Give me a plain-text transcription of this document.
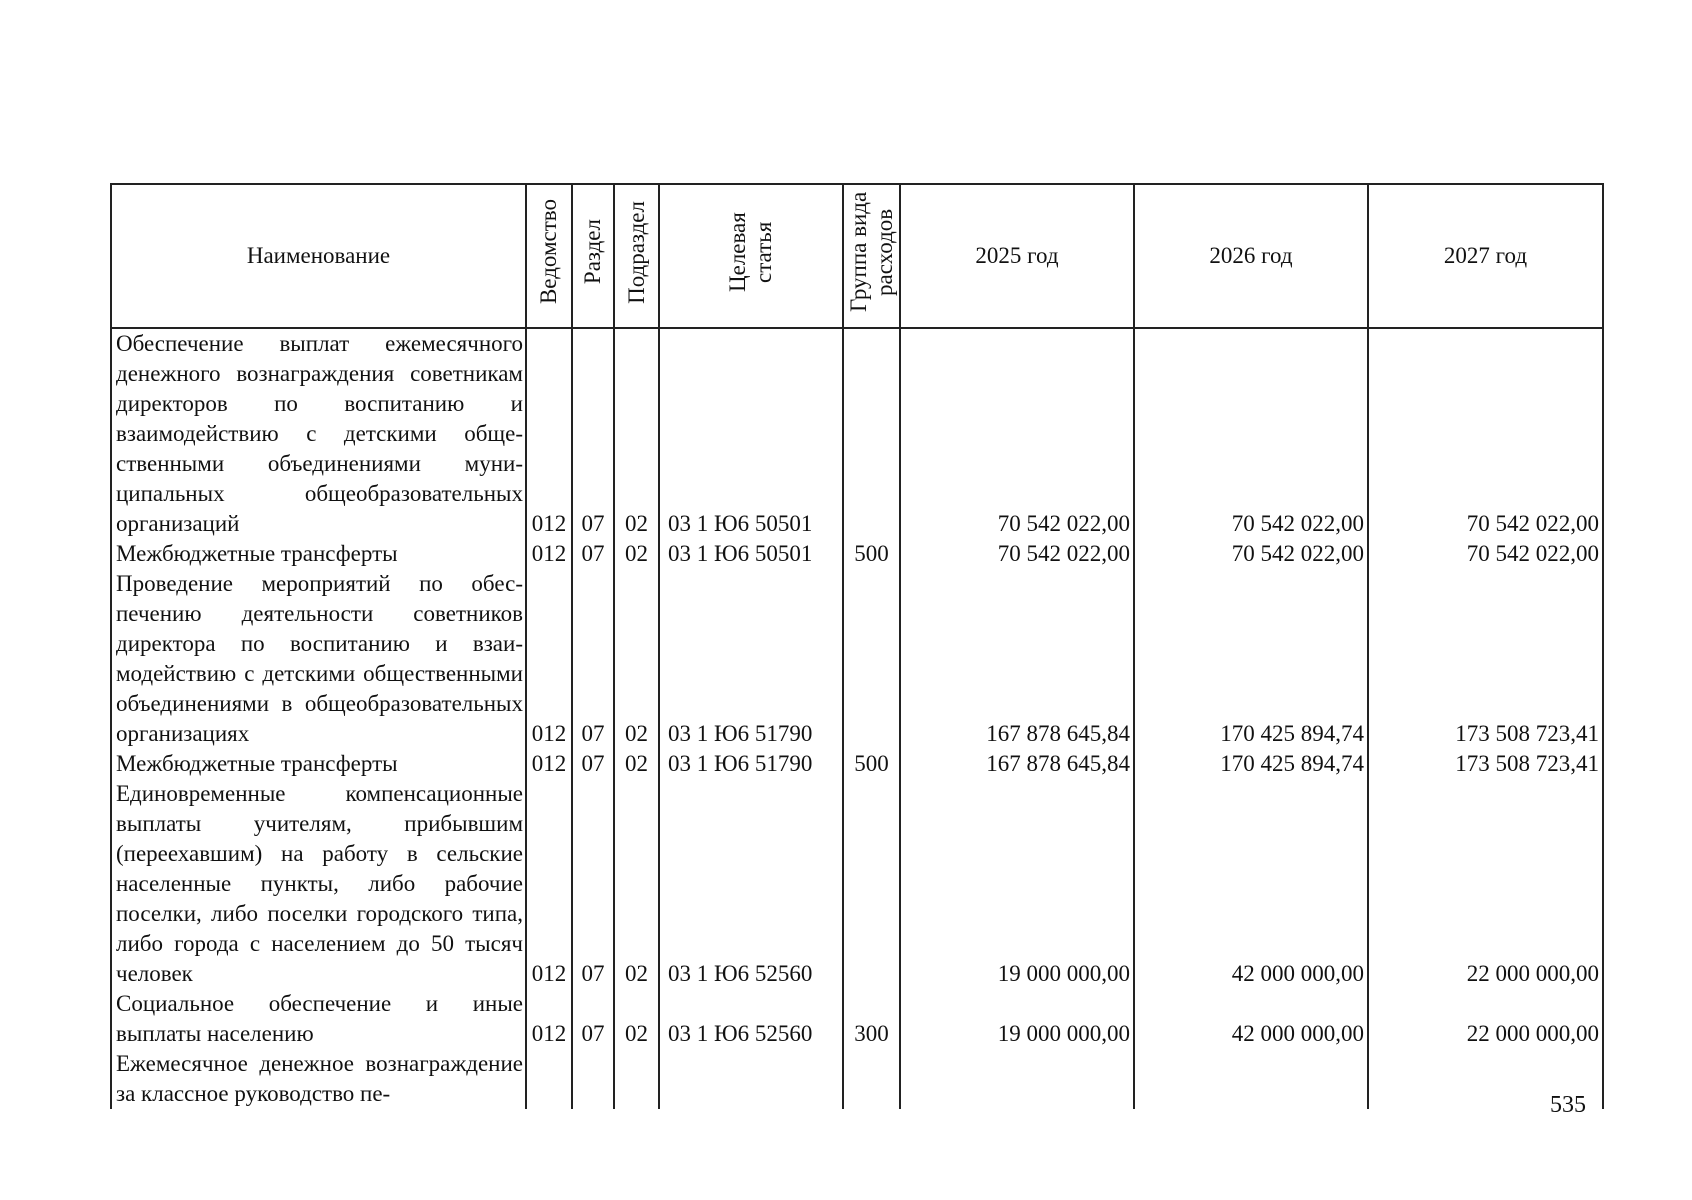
Наименование	Ведомство	Раздел	Подраздел	Целевая статья	Группа вида расходов	2025 год	2026 год	2027 год
Обеспечение выплат ежемесячного денежного вознаграждения советникам директоров по воспитанию и взаимодействию с детскими общественными объединениями муниципальных общеобразовательных организаций	012	07	02	03 1 Ю6 50501		70 542 022,00	70 542 022,00	70 542 022,00
Межбюджетные трансферты	012	07	02	03 1 Ю6 50501	500	70 542 022,00	70 542 022,00	70 542 022,00
Проведение мероприятий по обеспечению деятельности советников директора по воспитанию и взаимодействию с детскими общественными объединениями в общеобразовательных организациях	012	07	02	03 1 Ю6 51790		167 878 645,84	170 425 894,74	173 508 723,41
Межбюджетные трансферты	012	07	02	03 1 Ю6 51790	500	167 878 645,84	170 425 894,74	173 508 723,41
Единовременные компенсационные выплаты учителям, прибывшим (переехавшим) на работу в сельские населенные пункты, либо рабочие поселки, либо поселки городского типа, либо города с населением до 50 тысяч человек	012	07	02	03 1 Ю6 52560		19 000 000,00	42 000 000,00	22 000 000,00
Социальное обеспечение и иные выплаты населению	012	07	02	03 1 Ю6 52560	300	19 000 000,00	42 000 000,00	22 000 000,00
Ежемесячное денежное вознаграждение за классное руководство пе-									535
